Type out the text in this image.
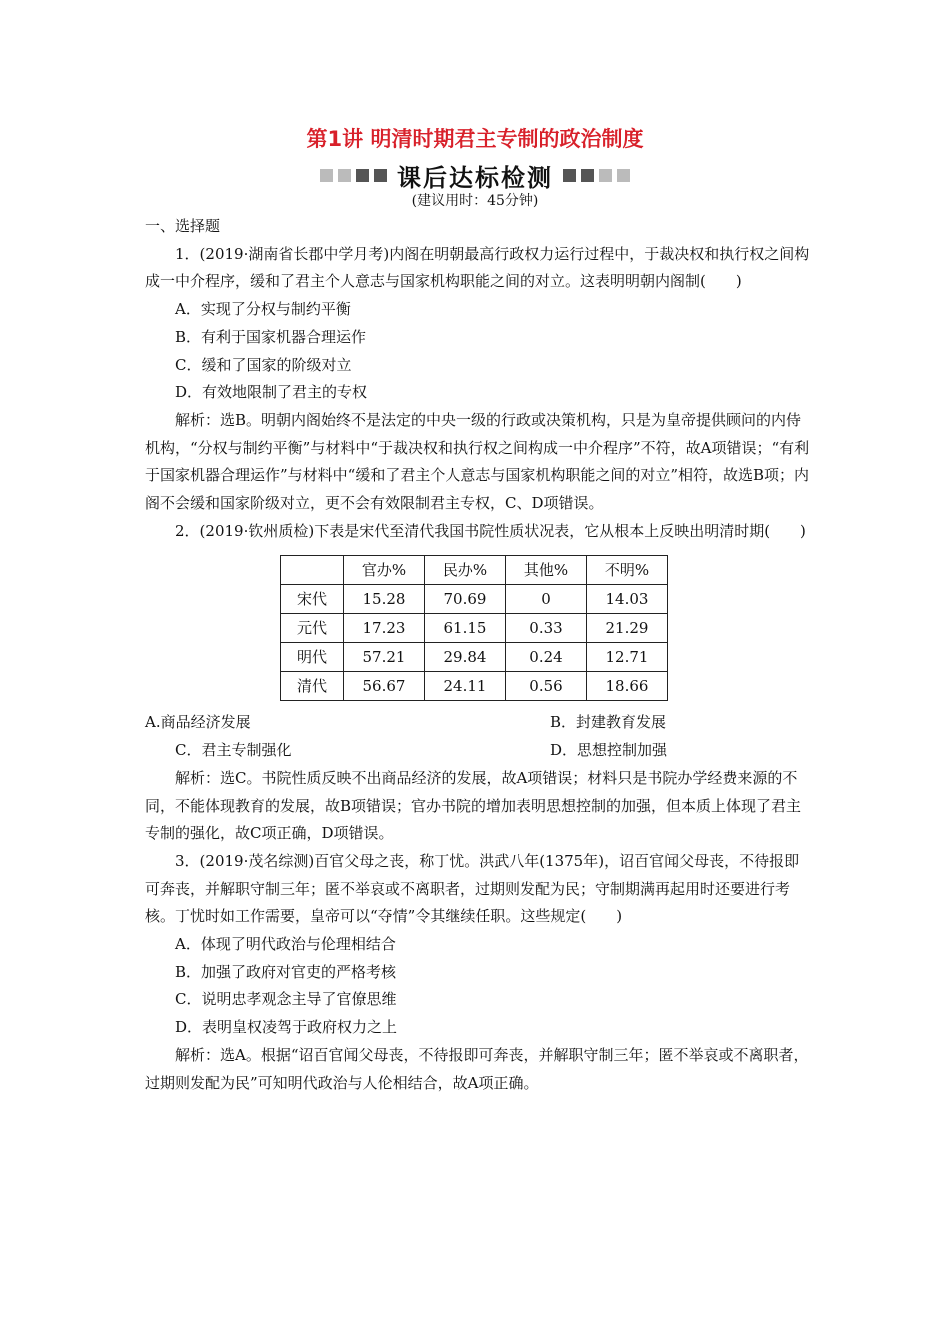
第1讲 明清时期君主专制的政治制度
课后达标检测
(建议用时：45分钟)

一、选择题

1．(2019·湖南省长郡中学月考)内阁在明朝最高行政权力运行过程中，于裁决权和执行权之间构成一中介程序，缓和了君主个人意志与国家机构职能之间的对立。这表明明朝内阁制(　　)

A．实现了分权与制约平衡

B．有利于国家机器合理运作

C．缓和了国家的阶级对立

D．有效地限制了君主的专权

解析：选B。明朝内阁始终不是法定的中央一级的行政或决策机构，只是为皇帝提供顾问的内侍机构，“分权与制约平衡”与材料中“于裁决权和执行权之间构成一中介程序”不符，故A项错误；“有利于国家机器合理运作”与材料中“缓和了君主个人意志与国家机构职能之间的对立”相符，故选B项；内阁不会缓和国家阶级对立，更不会有效限制君主专权，C、D项错误。

2．(2019·钦州质检)下表是宋代至清代我国书院性质状况表，它从根本上反映出明清时期(　　)

	官办%	民办%	其他%	不明%
宋代	15.28	70.69	0	14.03
元代	17.23	61.15	0.33	21.29
明代	57.21	29.84	0.24	12.71
清代	56.67	24.11	0.56	18.66
A.商品经济发展	B．封建教育发展
C．君主专制强化	D．思想控制加强

解析：选C。书院性质反映不出商品经济的发展，故A项错误；材料只是书院办学经费来源的不同，不能体现教育的发展，故B项错误；官办书院的增加表明思想控制的加强，但本质上体现了君主专制的强化，故C项正确，D项错误。

3．(2019·茂名综测)百官父母之丧，称丁忧。洪武八年(1375年)，诏百官闻父母丧，不待报即可奔丧，并解职守制三年；匿不举哀或不离职者，过期则发配为民；守制期满再起用时还要进行考核。丁忧时如工作需要，皇帝可以“夺情”令其继续任职。这些规定(　　)

A．体现了明代政治与伦理相结合

B．加强了政府对官吏的严格考核

C．说明忠孝观念主导了官僚思维

D．表明皇权凌驾于政府权力之上

解析：选A。根据“诏百官闻父母丧，不待报即可奔丧，并解职守制三年；匿不举哀或不离职者，过期则发配为民”可知明代政治与人伦相结合，故A项正确。
